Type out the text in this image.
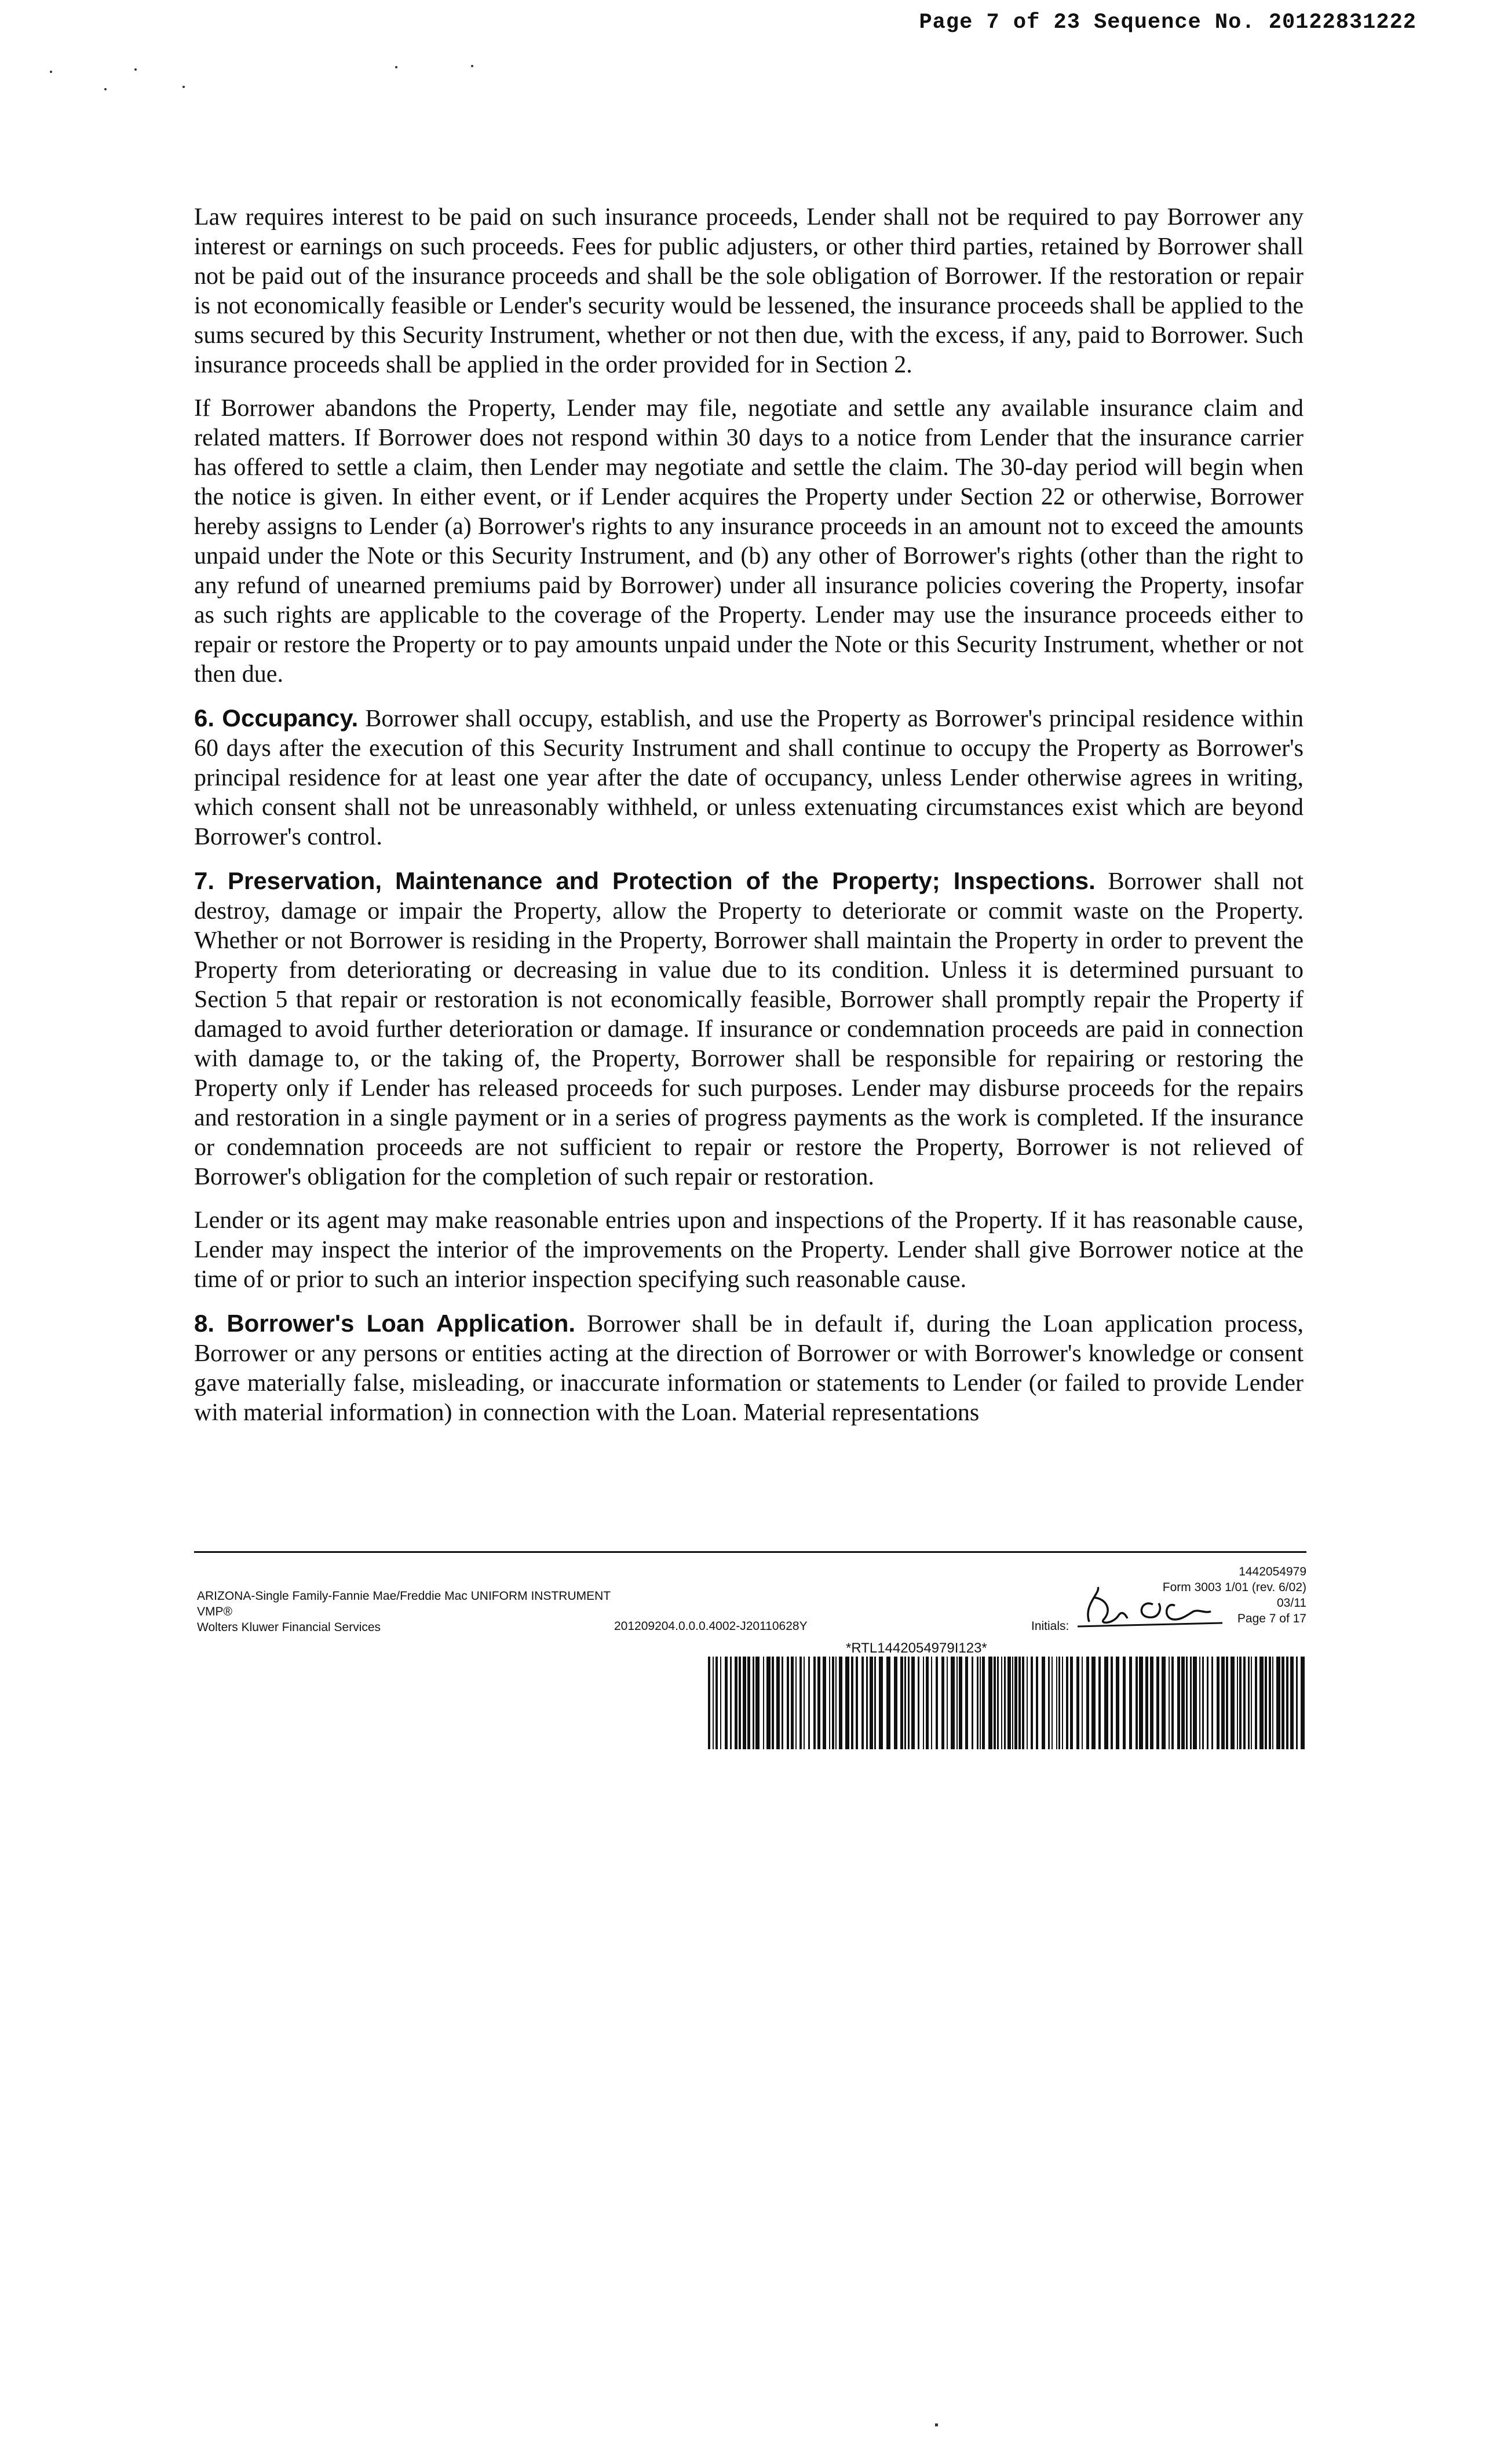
Page 7 of 23 Sequence No. 20122831222

Law requires interest to be paid on such insurance proceeds, Lender shall not be required to pay Borrower any interest or earnings on such proceeds. Fees for public adjusters, or other third parties, retained by Borrower shall not be paid out of the insurance proceeds and shall be the sole obligation of Borrower. If the restoration or repair is not economically feasible or Lender's security would be lessened, the insurance proceeds shall be applied to the sums secured by this Security Instrument, whether or not then due, with the excess, if any, paid to Borrower. Such insurance proceeds shall be applied in the order provided for in Section 2.

If Borrower abandons the Property, Lender may file, negotiate and settle any available insurance claim and related matters. If Borrower does not respond within 30 days to a notice from Lender that the insurance carrier has offered to settle a claim, then Lender may negotiate and settle the claim. The 30-day period will begin when the notice is given. In either event, or if Lender acquires the Property under Section 22 or otherwise, Borrower hereby assigns to Lender (a) Borrower's rights to any insurance proceeds in an amount not to exceed the amounts unpaid under the Note or this Security Instrument, and (b) any other of Borrower's rights (other than the right to any refund of unearned premiums paid by Borrower) under all insurance policies covering the Property, insofar as such rights are applicable to the coverage of the Property. Lender may use the insurance proceeds either to repair or restore the Property or to pay amounts unpaid under the Note or this Security Instrument, whether or not then due.

6. Occupancy. Borrower shall occupy, establish, and use the Property as Borrower's principal residence within 60 days after the execution of this Security Instrument and shall continue to occupy the Property as Borrower's principal residence for at least one year after the date of occupancy, unless Lender otherwise agrees in writing, which consent shall not be unreasonably withheld, or unless extenuating circumstances exist which are beyond Borrower's control.

7. Preservation, Maintenance and Protection of the Property; Inspections. Borrower shall not destroy, damage or impair the Property, allow the Property to deteriorate or commit waste on the Property. Whether or not Borrower is residing in the Property, Borrower shall maintain the Property in order to prevent the Property from deteriorating or decreasing in value due to its condition. Unless it is determined pursuant to Section 5 that repair or restoration is not economically feasible, Borrower shall promptly repair the Property if damaged to avoid further deterioration or damage. If insurance or condemnation proceeds are paid in connection with damage to, or the taking of, the Property, Borrower shall be responsible for repairing or restoring the Property only if Lender has released proceeds for such purposes. Lender may disburse proceeds for the repairs and restoration in a single payment or in a series of progress payments as the work is completed. If the insurance or condemnation proceeds are not sufficient to repair or restore the Property, Borrower is not relieved of Borrower's obligation for the completion of such repair or restoration.

Lender or its agent may make reasonable entries upon and inspections of the Property. If it has reasonable cause, Lender may inspect the interior of the improvements on the Property. Lender shall give Borrower notice at the time of or prior to such an interior inspection specifying such reasonable cause.

8. Borrower's Loan Application. Borrower shall be in default if, during the Loan application process, Borrower or any persons or entities acting at the direction of Borrower or with Borrower's knowledge or consent gave materially false, misleading, or inaccurate information or statements to Lender (or failed to provide Lender with material information) in connection with the Loan. Material representations

ARIZONA-Single Family-Fannie Mae/Freddie Mac UNIFORM INSTRUMENT
VMP®
Wolters Kluwer Financial Services	201209204.0.0.0.4002-J20110628Y
1442054979
Form 3003 1/01 (rev. 6/02)
03/11
Page 7 of 17
Initials:
*RTL1442054979I123*
